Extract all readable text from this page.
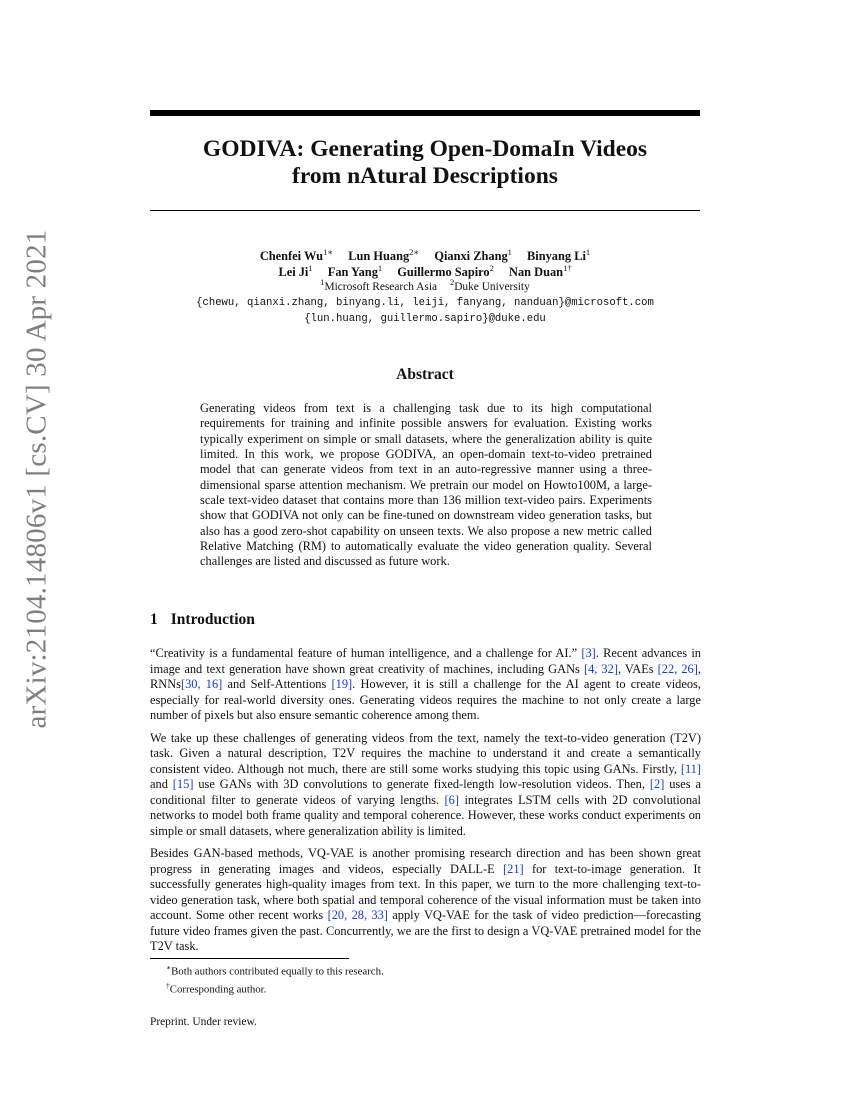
arXiv:2104.14806v1 [cs.CV] 30 Apr 2021
GODIVA: Generating Open-DomaIn Videos
from nAtural Descriptions
Chenfei $Wu^{1∗}$ Lun Huang$^{2∗}$ Qianxi Zhang$^1$ Binyang Li$^1$
Lei Ji$^1$ Fan Yang$^1$ Guillermo Sapiro$^2$ Nan Duan$^{1\dagger}$
$^1$Microsoft Research Asia $^2$Duke University
{chewu, qianxi.zhang, binyang.li, leiji, fanyang, nanduan}@microsoft.com
{lun.huang, guillermo.sapiro}@duke.edu
Abstract

Generating videos from text is a challenging task due to its high computational requirements for training and infinite possible answers for evaluation. Existing works typically experiment on simple or small datasets, where the generalization ability is quite limited. In this work, we propose GODIVA, an open-domain text-to-video pretrained model that can generate videos from text in an auto-regressive manner using a three-dimensional sparse attention mechanism. We pretrain our model on Howto100M, a large-scale text-video dataset that contains more than 136 million text-video pairs. Experiments show that GODIVA not only can be fine-tuned on downstream video generation tasks, but also has a good zero-shot capability on unseen texts. We also propose a new metric called Relative Matching (RM) to automatically evaluate the video generation quality. Several challenges are listed and discussed as future work.

1 Introduction

“Creativity is a fundamental feature of human intelligence, and a challenge for AI.” [3]. Recent advances in image and text generation have shown great creativity of machines, including GANs [4, 32], VAEs [22, 26], RNNs[30, 16] and Self-Attentions [19]. However, it is still a challenge for the AI agent to create videos, especially for real-world diversity ones. Generating videos requires the machine to not only create a large number of pixels but also ensure semantic coherence among them.

We take up these challenges of generating videos from the text, namely the text-to-video generation (T2V) task. Given a natural description, T2V requires the machine to understand it and create a semantically consistent video. Although not much, there are still some works studying this topic using GANs. Firstly, [11] and [15] use GANs with 3D convolutions to generate fixed-length low-resolution videos. Then, [2] uses a conditional filter to generate videos of varying lengths. [6] integrates LSTM cells with 2D convolutional networks to model both frame quality and temporal coherence. However, these works conduct experiments on simple or small datasets, where generalization ability is limited.

Besides GAN-based methods, VQ-VAE is another promising research direction and has been shown great progress in generating images and videos, especially DALL-E [21] for text-to-image generation. It successfully generates high-quality images from text. In this paper, we turn to the more challenging text-to-video generation task, where both spatial and temporal coherence of the visual information must be taken into account. Some other recent works [20, 28, 33] apply VQ-VAE for the task of video prediction—forecasting future video frames given the past. Concurrently, we are the first to design a VQ-VAE pretrained model for the T2V task.

∗Both authors contributed equally to this research.
†Corresponding author.
Preprint. Under review.
